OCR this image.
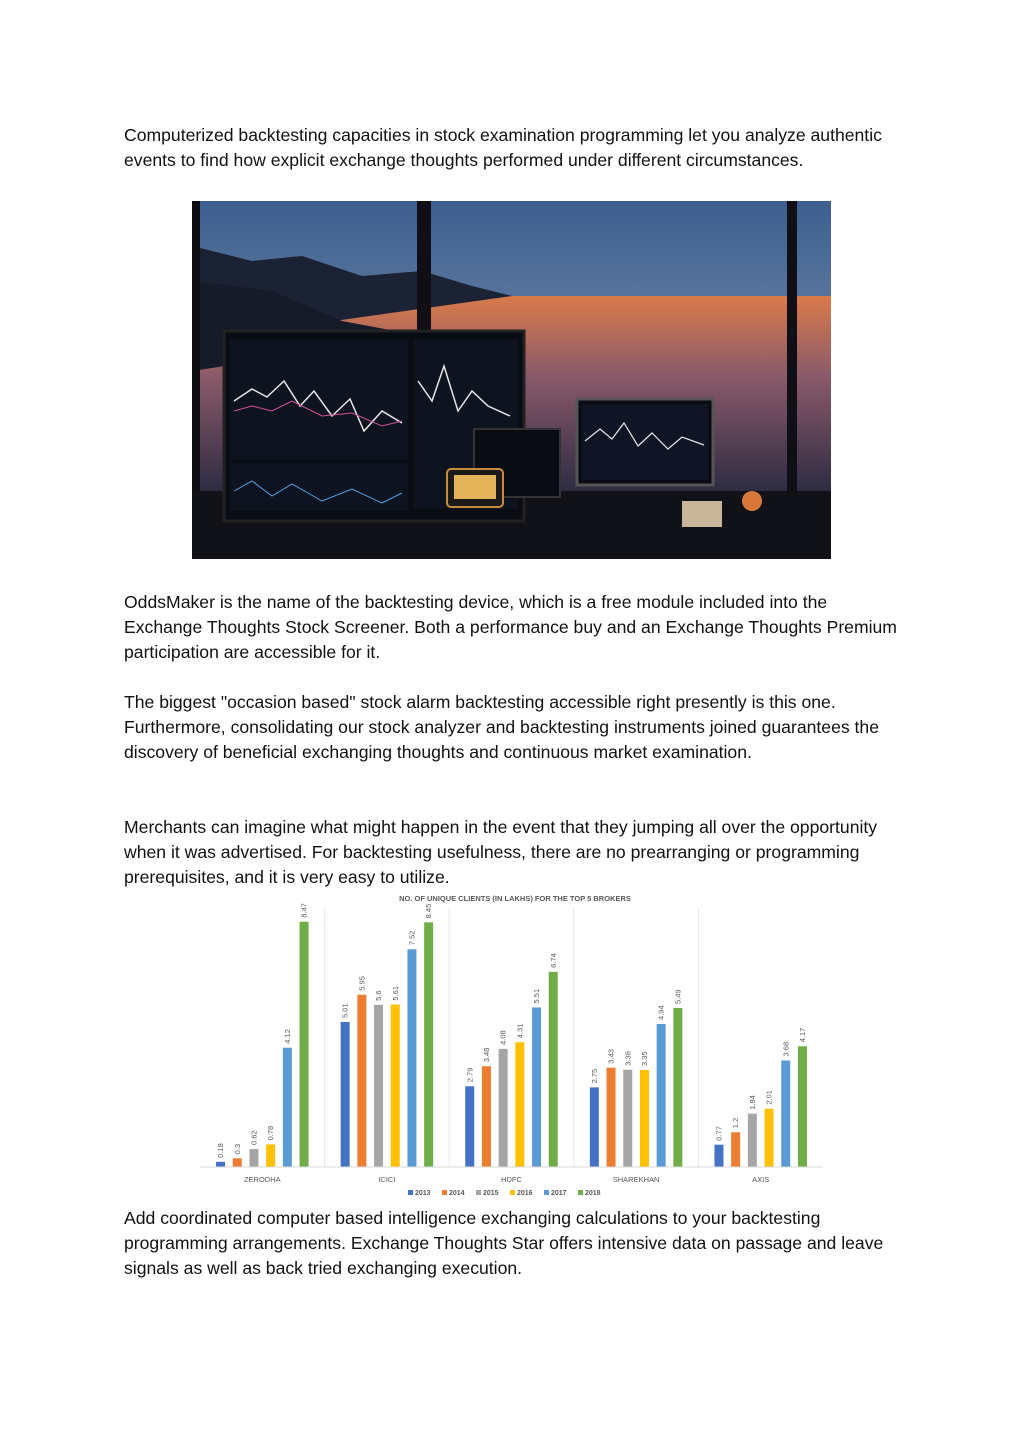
Computerized backtesting capacities in stock examination programming let you analyze authentic events to find how explicit exchange thoughts performed under different circumstances.

OddsMaker is the name of the backtesting device, which is a free module included into the Exchange Thoughts Stock Screener. Both a performance buy and an Exchange Thoughts Premium participation are accessible for it.

The biggest "occasion based" stock alarm backtesting accessible right presently is this one. Furthermore, consolidating our stock analyzer and backtesting instruments joined guarantees the discovery of beneficial exchanging thoughts and continuous market examination.

Merchants can imagine what might happen in the event that they jumping all over the opportunity when it was advertised. For backtesting usefulness, there are no prearranging or programming prerequisites, and it is very easy to utilize.

NO. OF UNIQUE CLIENTS (IN LAKHS) FOR THE TOP 5 BROKERS
0.18 0.3
0.62 0.78
4.12
8.47
5.01
5.95
5.6 5.61
7.52
8.45
2.79
3.48
4.08 4.31
5.51
6.74
2.75
3.43 3.36 3.35
4.94
5.49
0.77
1.2
1.84 2.01
3.68
4.17
ZERODHA	ICICI	HDFC	SHAREKHAN	AXIS
2013	2014	2015	2016	2017	2018

Add coordinated computer based intelligence exchanging calculations to your backtesting programming arrangements. Exchange Thoughts Star offers intensive data on passage and leave signals as well as back tried exchanging execution.
